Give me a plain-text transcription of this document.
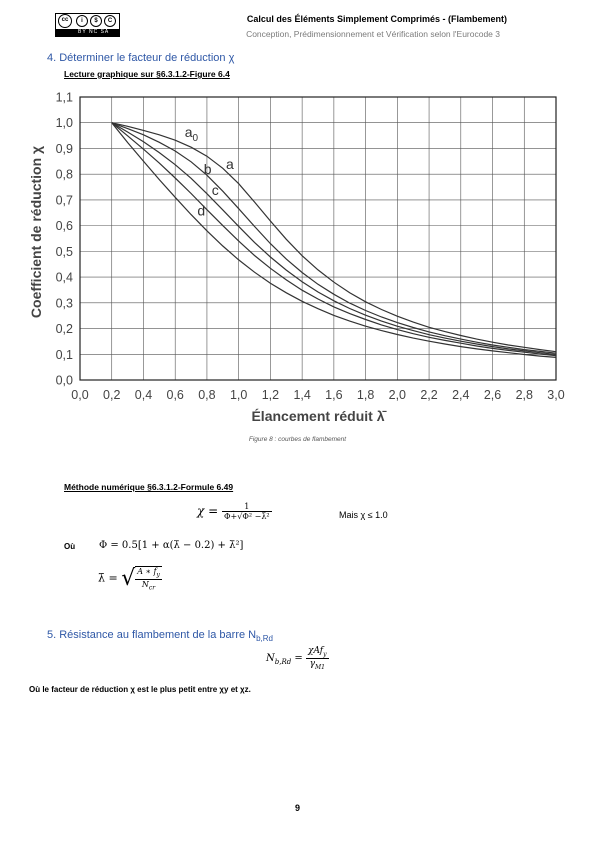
cc	i	$	C
BY NC SA
Calcul des Éléments Simplement Comprimés - (Flambement)
Conception, Prédimensionnement et Vérification selon l'Eurocode 3
4. Déterminer le facteur de réduction χ
Lecture graphique sur §6.3.1.2-Figure 6.4
0,0 0,2 0,4 0,6 0,8 1,0 1,2 1,4 1,6 1,8 2,0 2,2 2,4 2,6 2,8 3,0
0,0
0,1
0,2
0,3
0,4
0,5
0,6
0,7
0,8
0,9
1,0
1,1
$a_0$
a
b
c
d
Coefficient de réduction χ
Élancement réduit λ̄
Figure 8 : courbes de flambement
Méthode numérique §6.3.1.2-Formule 6.49
$\chi = \frac{1}{\text{Φ+√Φ² −λ̄²}}$	Mais χ ≤ 1.0
Où Φ = 0.5[1 + α(λ̄ − 0.2) + λ̄²]
λ̄ = √ $\frac{A ∗ f_y}{N_{cr}}$
5. Résistance au flambement de la barre $N_{b,Rd}$
$N_{b,Rd} = \frac{\chi Af_y}{\gamma_{M1}}$
Où le facteur de réduction χ est le plus petit entre χy et χz.
9
